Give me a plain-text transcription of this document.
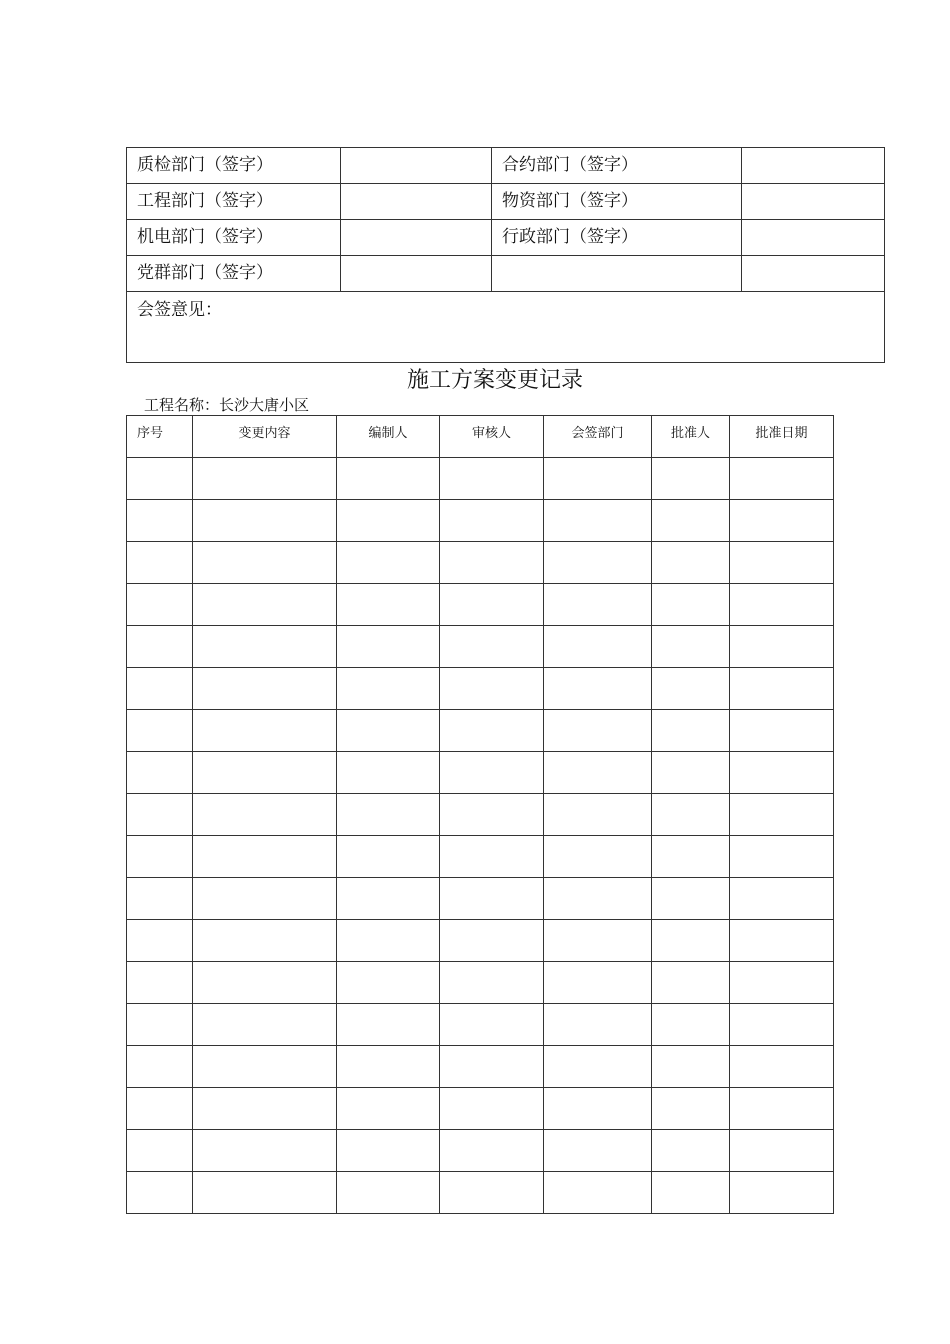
质检部门（签字）		合约部门（签字）	
工程部门（签字）		物资部门（签字）	
机电部门（签字）		行政部门（签字）	
党群部门（签字）			
会签意见：			
施工方案变更记录
工程名称：长沙大唐小区
序号	变更内容	编制人	审核人	会签部门	批准人	批准日期
